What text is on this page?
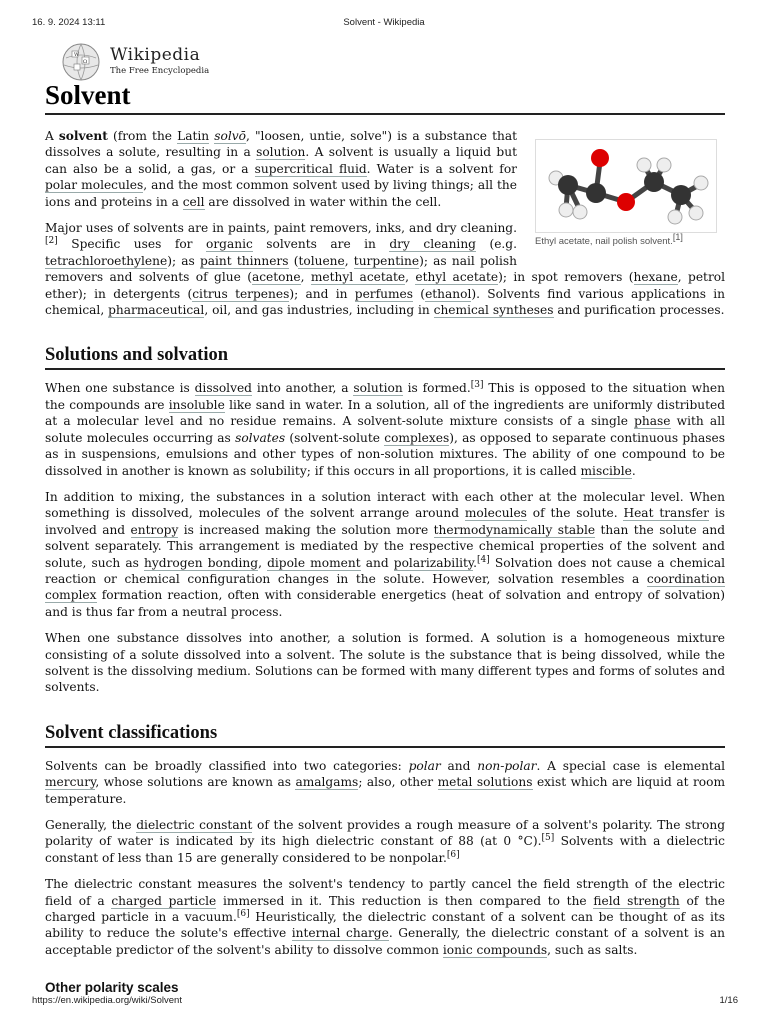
16. 9. 2024 13:11	Solvent - Wikipedia
W
Ω Wikipedia
The Free Encyclopedia
Solvent
Ethyl acetate, nail polish solvent.[1]

A solvent (from the Latin solvō, "loosen, untie, solve") is a substance that dissolves a solute, resulting in a solution. A solvent is usually a liquid but can also be a solid, a gas, or a supercritical fluid. Water is a solvent for polar molecules, and the most common solvent used by living things; all the ions and proteins in a cell are dissolved in water within the cell.

Major uses of solvents are in paints, paint removers, inks, and dry cleaning.[2] Specific uses for organic solvents are in dry cleaning (e.g. tetrachloroethylene); as paint thinners (toluene, turpentine); as nail polish removers and solvents of glue (acetone, methyl acetate, ethyl acetate); in spot removers (hexane, petrol ether); in detergents (citrus terpenes); and in perfumes (ethanol). Solvents find various applications in chemical, pharmaceutical, oil, and gas industries, including in chemical syntheses and purification processes.

Solutions and solvation

When one substance is dissolved into another, a solution is formed.[3] This is opposed to the situation when the compounds are insoluble like sand in water. In a solution, all of the ingredients are uniformly distributed at a molecular level and no residue remains. A solvent-solute mixture consists of a single phase with all solute molecules occurring as solvates (solvent-solute complexes), as opposed to separate continuous phases as in suspensions, emulsions and other types of non-solution mixtures. The ability of one compound to be dissolved in another is known as solubility; if this occurs in all proportions, it is called miscible.

In addition to mixing, the substances in a solution interact with each other at the molecular level. When something is dissolved, molecules of the solvent arrange around molecules of the solute. Heat transfer is involved and entropy is increased making the solution more thermodynamically stable than the solute and solvent separately. This arrangement is mediated by the respective chemical properties of the solvent and solute, such as hydrogen bonding, dipole moment and polarizability.[4] Solvation does not cause a chemical reaction or chemical configuration changes in the solute. However, solvation resembles a coordination complex formation reaction, often with considerable energetics (heat of solvation and entropy of solvation) and is thus far from a neutral process.

When one substance dissolves into another, a solution is formed. A solution is a homogeneous mixture consisting of a solute dissolved into a solvent. The solute is the substance that is being dissolved, while the solvent is the dissolving medium. Solutions can be formed with many different types and forms of solutes and solvents.

Solvent classifications

Solvents can be broadly classified into two categories: polar and non-polar. A special case is elemental mercury, whose solutions are known as amalgams; also, other metal solutions exist which are liquid at room temperature.

Generally, the dielectric constant of the solvent provides a rough measure of a solvent's polarity. The strong polarity of water is indicated by its high dielectric constant of 88 (at 0 °C).[5] Solvents with a dielectric constant of less than 15 are generally considered to be nonpolar.[6]

The dielectric constant measures the solvent's tendency to partly cancel the field strength of the electric field of a charged particle immersed in it. This reduction is then compared to the field strength of the charged particle in a vacuum.[6] Heuristically, the dielectric constant of a solvent can be thought of as its ability to reduce the solute's effective internal charge. Generally, the dielectric constant of a solvent is an acceptable predictor of the solvent's ability to dissolve common ionic compounds, such as salts.

Other polarity scales
https://en.wikipedia.org/wiki/Solvent	1/16
